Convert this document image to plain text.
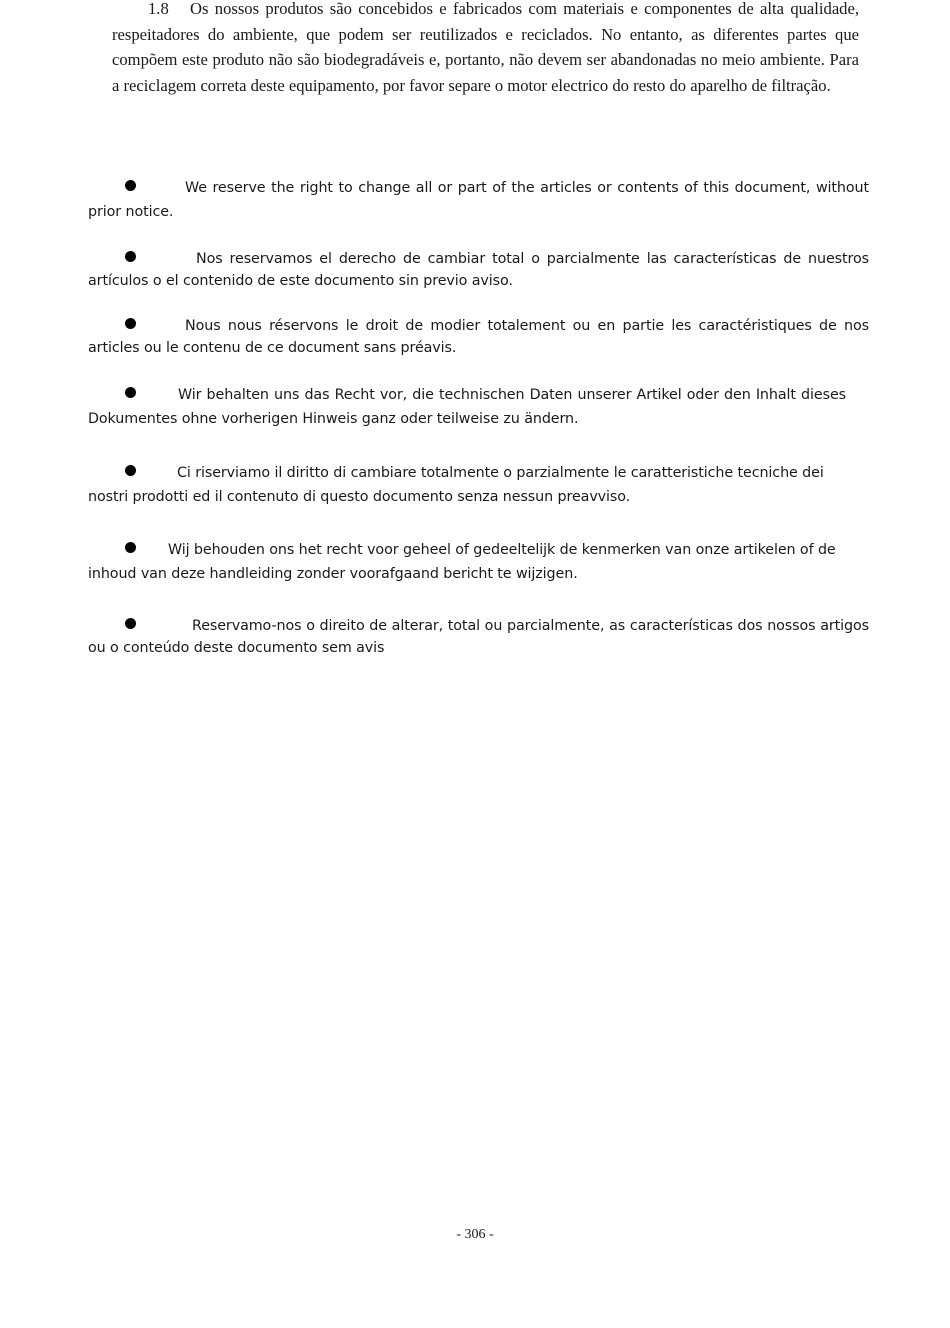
1.8 Os nossos produtos são concebidos e fabricados com materiais e componentes de alta qualidade, respeitadores do ambiente, que podem ser reutilizados e reciclados. No entanto, as diferentes partes que compõem este produto não são biodegradáveis e, portanto, não devem ser abandonadas no meio ambiente. Para a reciclagem correta deste equipamento, por favor separe o motor electrico do resto do aparelho de filtração.

We reserve the right to change all or part of the articles or contents of this document, without prior notice.

Nos reservamos el derecho de cambiar total o parcialmente las características de nuestros artículos o el contenido de este documento sin previo aviso.

Nous nous réservons le droit de modier totalement ou en partie les caractéristiques de nos articles ou le contenu de ce document sans préavis.

Wir behalten uns das Recht vor, die technischen Daten unserer Artikel oder den Inhalt dieses Dokumentes ohne vorherigen Hinweis ganz oder teilweise zu ändern.

Ci riserviamo il diritto di cambiare totalmente o parzialmente le caratteristiche tecniche dei nostri prodotti ed il contenuto di questo documento senza nessun preavviso.

Wij behouden ons het recht voor geheel of gedeeltelijk de kenmerken van onze artikelen of de inhoud van deze handleiding zonder voorafgaand bericht te wijzigen.

Reservamo-nos o direito de alterar, total ou parcialmente, as características dos nossos artigos ou o conteúdo deste documento sem avis

- 306 -
